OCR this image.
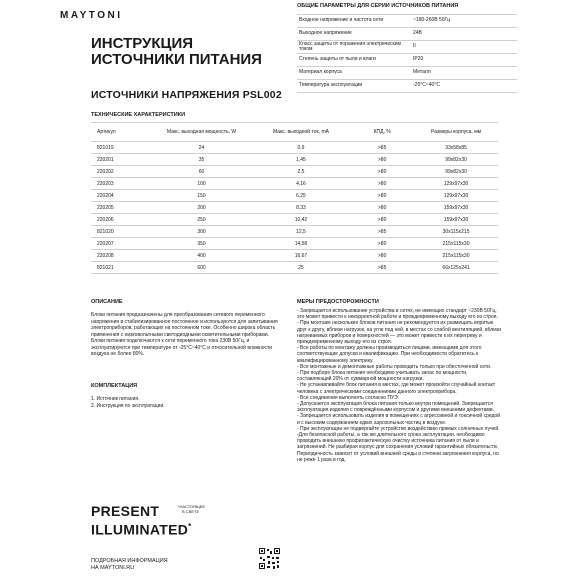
MAYTONI
ИНСТРУКЦИЯ
ИСТОЧНИКИ ПИТАНИЯ
ИСТОЧНИКИ НАПРЯЖЕНИЯ PSL002
ОБЩИЕ ПАРАМЕТРЫ ДЛЯ СЕРИИ ИСТОЧНИКОВ ПИТАНИЯ
Входное напряжение и частота сети	~180-260В 50Гц
Выходное напряжение	24В
Класс защиты от поражения электрическим током	II
Степень защиты от пыли и влаги	IP20
Материал корпуса	Металл
Температура эксплуатации	-25°С~40°С
ТЕХНИЧЕСКИЕ ХАРАКТЕРИСТИКИ
Артикул	Макс. выходная мощность, W	Макс. выходной ток, mA	КПД, %	Размеры корпуса, мм
821019	24	0,9	>85	33x58x85
220201	35	1,45	>80	99x82x30
220202	60	2,5	>80	99x82x30
220203	100	4,16	>80	129x97x30
220204	150	6,25	>80	129x97x30
220205	200	8,33	>80	159x97x30
220206	250	10,42	>80	159x97x30
821020	300	12,5	>85	30x115x215
220207	350	14,58	>80	215x115x30
220208	400	16,67	>80	215x115x30
821021	600	25	>85	66x125x241
ОПИСАНИЕ
Блоки питания предназначены для преобразования сетевого переменного напряжения в стабилизированное постоянное и используются для запитывания электроприборов, работающих на постоянном токе. Особенно широка область применения с низковольтными светодиодными осветительными приборами. Блоки питания подключаются к сети переменного тока 230В 50Гц, и эксплуатируются при температуре от -25°С~40°С и относительной влажности воздуха не более 80%.
КОМПЛЕКТАЦИЯ
1. Источник питания.
2. Инструкция по эксплуатации.
МЕРЫ ПРЕДОСТОРОЖНОСТИ
- Запрещается использование устройства в сетях, не имеющих стандарт ~230В 50Гц, это может привести к некорректной работе и преждевременному выходу его из строя.
- При монтаже нескольких блоков питания не рекомендуется их размещать впритык друг к другу, вблизи нагрузок, на угле под ней, в местах со слабой вентиляцией, вблизи нагреваемых приборов и поверхностей — это может привести к их перегреву и преждевременному выходу его из строя.
- Все работы по монтажу должны производиться лицами, имеющими для этого соответствующие допуски и квалификацию. При необходимости обратитесь к квалифицированному электрику.
- Все монтажные и демонтажные работы проводить только при обесточенной сети.
- При подборе блока питания необходимо учитывать запас по мощности, составляющий 20% от суммарной мощности нагрузки.
- Не устанавливайте блок питания в местах, где может произойти случайный контакт человека с электрическими соединениями данного электроприбора.
- Все соединения выполнять согласно ПУЭ.
- Допускается эксплуатация блока питания только внутри помещений. Запрещается эксплуатация изделия с повреждёнными корпусом и другими внешними дефектами.
- Запрещается использовать изделия в помещениях с агрессивной и токсичной средой и с высоким содержанием едких аэрозольных частиц в воздухе.
- При эксплуатации не подвергайте устройство воздействию прямых солнечных лучей.
-Для безопасной работы, а так же длительного срока эксплуатации, необходимо проводить внешнюю профилактическую очистку источника питания от пыли и загрязнений. Не разбирая корпус для сохранения условий гарантийных обязательств. Периодичность зависит от условий внешней среды и степени загрязнения корпуса, но не реже 1 раза в год.
PRESENT
ILLUMINATED*
*НАСТОЯЩЕЕ
В СВЕТЕ
ПОДРОБНАЯ ИНФОРМАЦИЯ
НА MAYTONI.RU
